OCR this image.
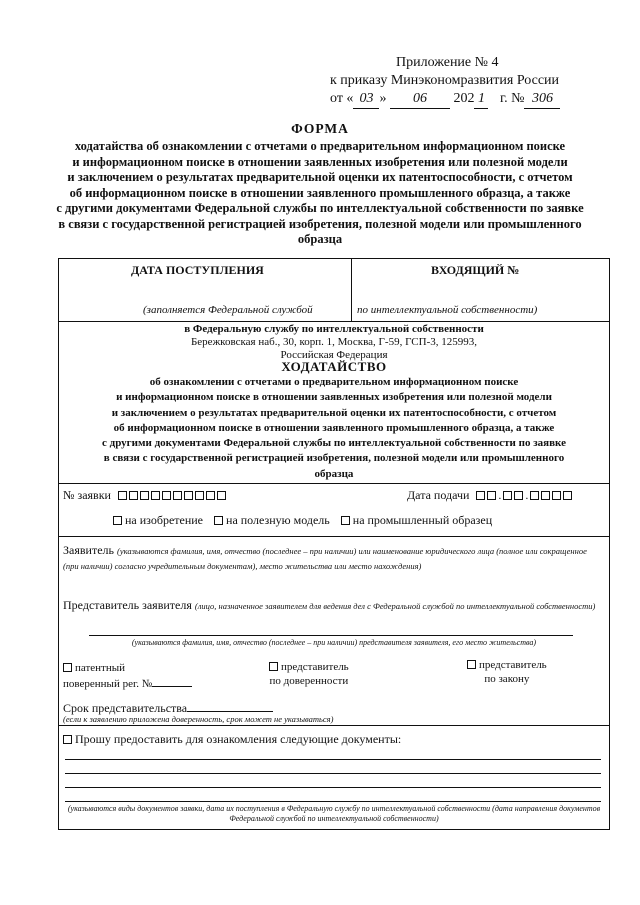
Приложение № 4
к приказу Минэкономразвития России
от « 03 » 06 202 1 г. № 306
ФОРМА
ходатайства об ознакомлении с отчетами о предварительном информационном поиске
и информационном поиске в отношении заявленных изобретения или полезной модели
и заключением о результатах предварительной оценки их патентоспособности, с отчетом
об информационном поиске в отношении заявленного промышленного образца, а также
с другими документами Федеральной службы по интеллектуальной собственности по заявке
в связи с государственной регистрацией изобретения, полезной модели или промышленного
образца
ДАТА ПОСТУПЛЕНИЯ	ВХОДЯЩИЙ №
(заполняется Федеральной службой	по интеллектуальной собственности)
в Федеральную службу по интеллектуальной собственности
Бережковская наб., 30, корп. 1, Москва, Г-59, ГСП-3, 125993,
Российская Федерация
ХОДАТАЙСТВО
об ознакомлении с отчетами о предварительном информационном поиске
и информационном поиске в отношении заявленных изобретения или полезной модели
и заключением о результатах предварительной оценки их патентоспособности, с отчетом
об информационном поиске в отношении заявленного промышленного образца, а также
с другими документами Федеральной службы по интеллектуальной собственности по заявке
в связи с государственной регистрацией изобретения, полезной модели или промышленного
образца
№ заявки	Дата подачи . .
на изобретение на полезную модель на промышленный образец
Заявитель (указываются фамилия, имя, отчество (последнее – при наличии) или наименование юридического лица (полное или сокращенное (при наличии) согласно учредительным документам), место жительства или место нахождения)
Представитель заявителя (лицо, назначенное заявителем для ведения дел с Федеральной службой по интеллектуальной собственности)
(указываются фамилия, имя, отчество (последнее – при наличии) представителя заявителя, его место жительства)
патентный
поверенный рег. №
представитель
по доверенности
представитель
по закону
Срок представительства
(если к заявлению приложена доверенность, срок может не указываться)
Прошу предоставить для ознакомления следующие документы:
(указываются виды документов заявки, дата их поступления в Федеральную службу по интеллектуальной собственности (дата направления документов Федеральной службой по интеллектуальной собственности)
